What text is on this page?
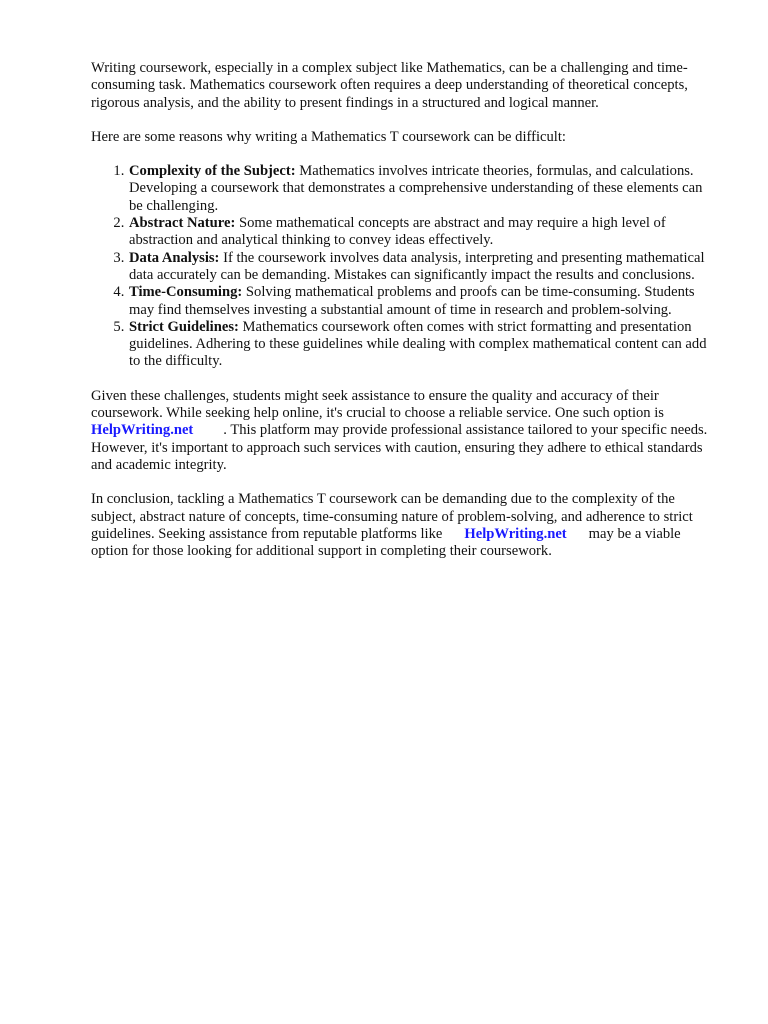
Writing coursework, especially in a complex subject like Mathematics, can be a challenging and time-consuming task. Mathematics coursework often requires a deep understanding of theoretical concepts, rigorous analysis, and the ability to present findings in a structured and logical manner.

Here are some reasons why writing a Mathematics T coursework can be difficult:

1. Complexity of the Subject: Mathematics involves intricate theories, formulas, and calculations. Developing a coursework that demonstrates a comprehensive understanding of these elements can be challenging.
2. Abstract Nature: Some mathematical concepts are abstract and may require a high level of abstraction and analytical thinking to convey ideas effectively.
3. Data Analysis: If the coursework involves data analysis, interpreting and presenting mathematical data accurately can be demanding. Mistakes can significantly impact the results and conclusions.
4. Time-Consuming: Solving mathematical problems and proofs can be time-consuming. Students may find themselves investing a substantial amount of time in research and problem-solving.
5. Strict Guidelines: Mathematics coursework often comes with strict formatting and presentation guidelines. Adhering to these guidelines while dealing with complex mathematical content can add to the difficulty.

Given these challenges, students might seek assistance to ensure the quality and accuracy of their coursework. While seeking help online, it's crucial to choose a reliable service. One such option is HelpWriting.net . This platform may provide professional assistance tailored to your specific needs. However, it's important to approach such services with caution, ensuring they adhere to ethical standards and academic integrity.

In conclusion, tackling a Mathematics T coursework can be demanding due to the complexity of the subject, abstract nature of concepts, time-consuming nature of problem-solving, and adherence to strict guidelines. Seeking assistance from reputable platforms like HelpWriting.net may be a viable option for those looking for additional support in completing their coursework.
